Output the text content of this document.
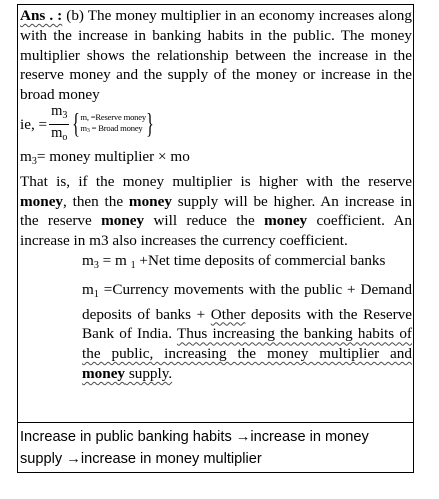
Ans . : (b) The money multiplier in an economy increases along with the increase in banking habits in the public. The money multiplier shows the relationship between the increase in the reserve money and the supply of the money or increase in the broad money

ie, = $\frac{m_3}{m_o}$ { m, =Reserve money
m3 = Broad money }

$m_3=$ money multiplier × mo

That is, if the money multiplier is higher with the reserve money, then the money supply will be higher. An increase in the reserve money will reduce the money coefficient. An increase in m3 also increases the currency coefficient.

$m_3 = m$ $_1$ +Net time deposits of commercial banks

$m_1$ =Currency movements with the public + Demand deposits of banks + Other deposits with the Reserve Bank of India. Thus increasing the banking habits of the public, increasing the money multiplier and money supply.

Increase in public banking habits →increase in money supply →increase in money multiplier
